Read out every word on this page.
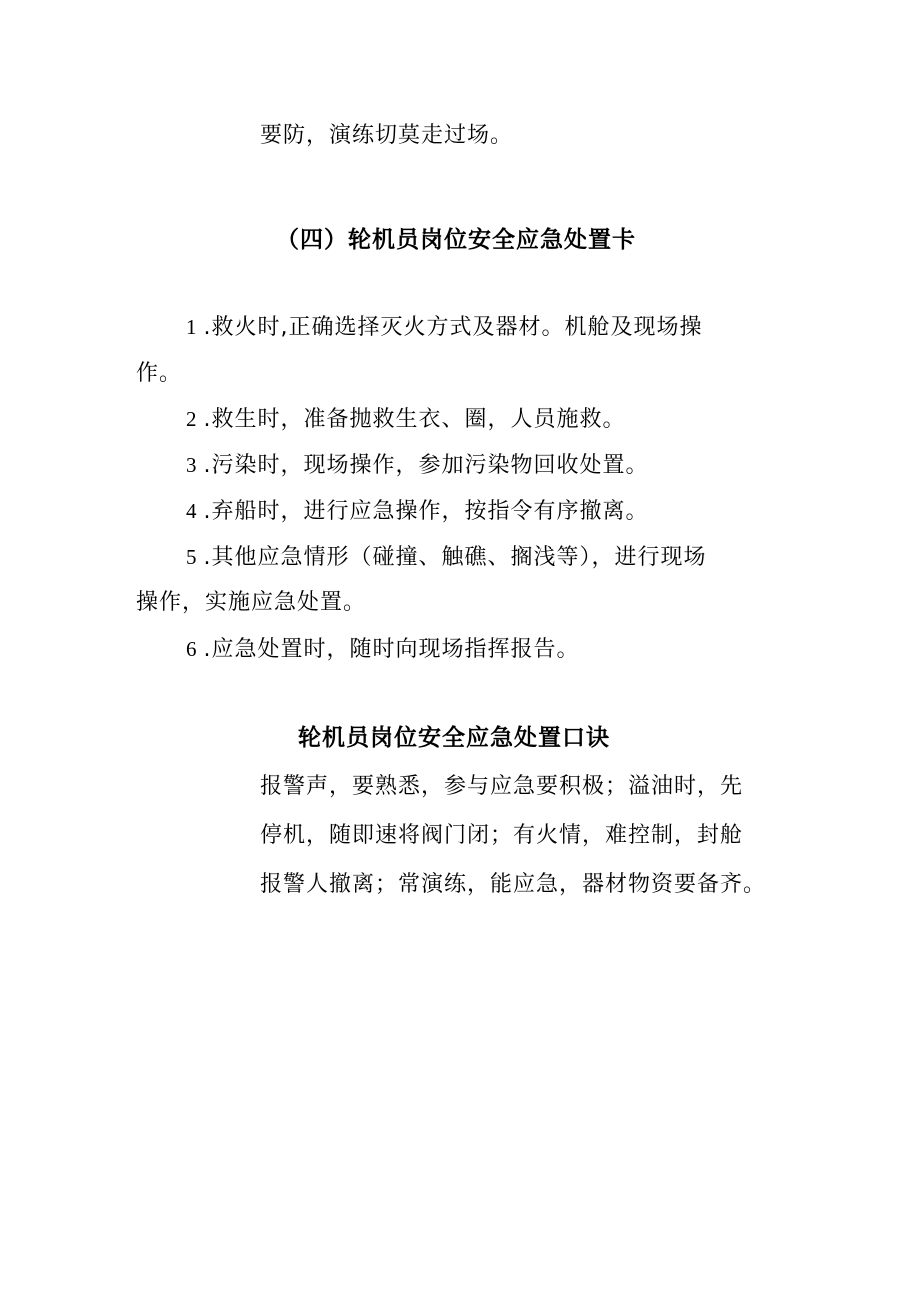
要防，演练切莫走过场。
（四）轮机员岗位安全应急处置卡
1 .救火时,正确选择灭火方式及器材。机舱及现场操
作。
2 .救生时，准备抛救生衣、圈，人员施救。
3 .污染时，现场操作，参加污染物回收处置。
4 .弃船时，进行应急操作，按指令有序撤离。
5 .其他应急情形（碰撞、触礁、搁浅等），进行现场
操作，实施应急处置。
6 .应急处置时，随时向现场指挥报告。
轮机员岗位安全应急处置口诀
报警声，要熟悉，参与应急要积极；溢油时，先
停机，随即速将阀门闭；有火情，难控制，封舱
报警人撤离；常演练，能应急，器材物资要备齐。
